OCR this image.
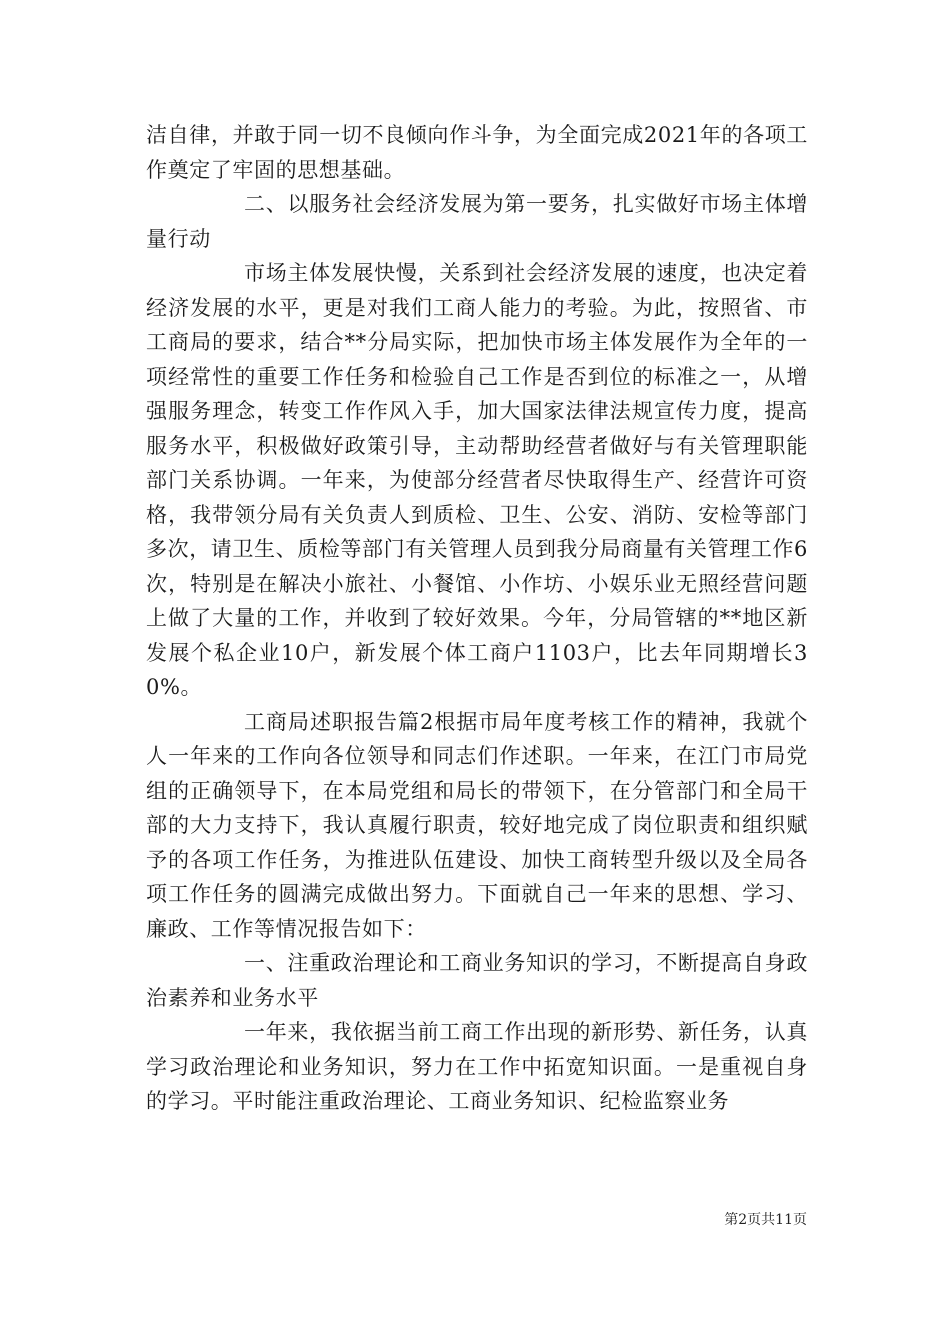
洁自律，并敢于同一切不良倾向作斗争，为全面完成2021年的各项工作奠定了牢固的思想基础。

二、以服务社会经济发展为第一要务，扎实做好市场主体增量行动

市场主体发展快慢，关系到社会经济发展的速度，也决定着经济发展的水平，更是对我们工商人能力的考验。为此，按照省、市工商局的要求，结合**分局实际，把加快市场主体发展作为全年的一项经常性的重要工作任务和检验自己工作是否到位的标准之一，从增强服务理念，转变工作作风入手，加大国家法律法规宣传力度，提高服务水平，积极做好政策引导，主动帮助经营者做好与有关管理职能部门关系协调。一年来，为使部分经营者尽快取得生产、经营许可资格，我带领分局有关负责人到质检、卫生、公安、消防、安检等部门多次，请卫生、质检等部门有关管理人员到我分局商量有关管理工作6次，特别是在解决小旅社、小餐馆、小作坊、小娱乐业无照经营问题上做了大量的工作，并收到了较好效果。今年，分局管辖的**地区新发展个私企业10户，新发展个体工商户1103户，比去年同期增长30%。

工商局述职报告篇2根据市局年度考核工作的精神，我就个人一年来的工作向各位领导和同志们作述职。一年来，在江门市局党组的正确领导下，在本局党组和局长的带领下，在分管部门和全局干部的大力支持下，我认真履行职责，较好地完成了岗位职责和组织赋予的各项工作任务，为推进队伍建设、加快工商转型升级以及全局各项工作任务的圆满完成做出努力。下面就自己一年来的思想、学习、廉政、工作等情况报告如下：

一、注重政治理论和工商业务知识的学习，不断提高自身政治素养和业务水平

一年来，我依据当前工商工作出现的新形势、新任务，认真学习政治理论和业务知识，努力在工作中拓宽知识面。一是重视自身的学习。平时能注重政治理论、工商业务知识、纪检监察业务

第2页共11页
